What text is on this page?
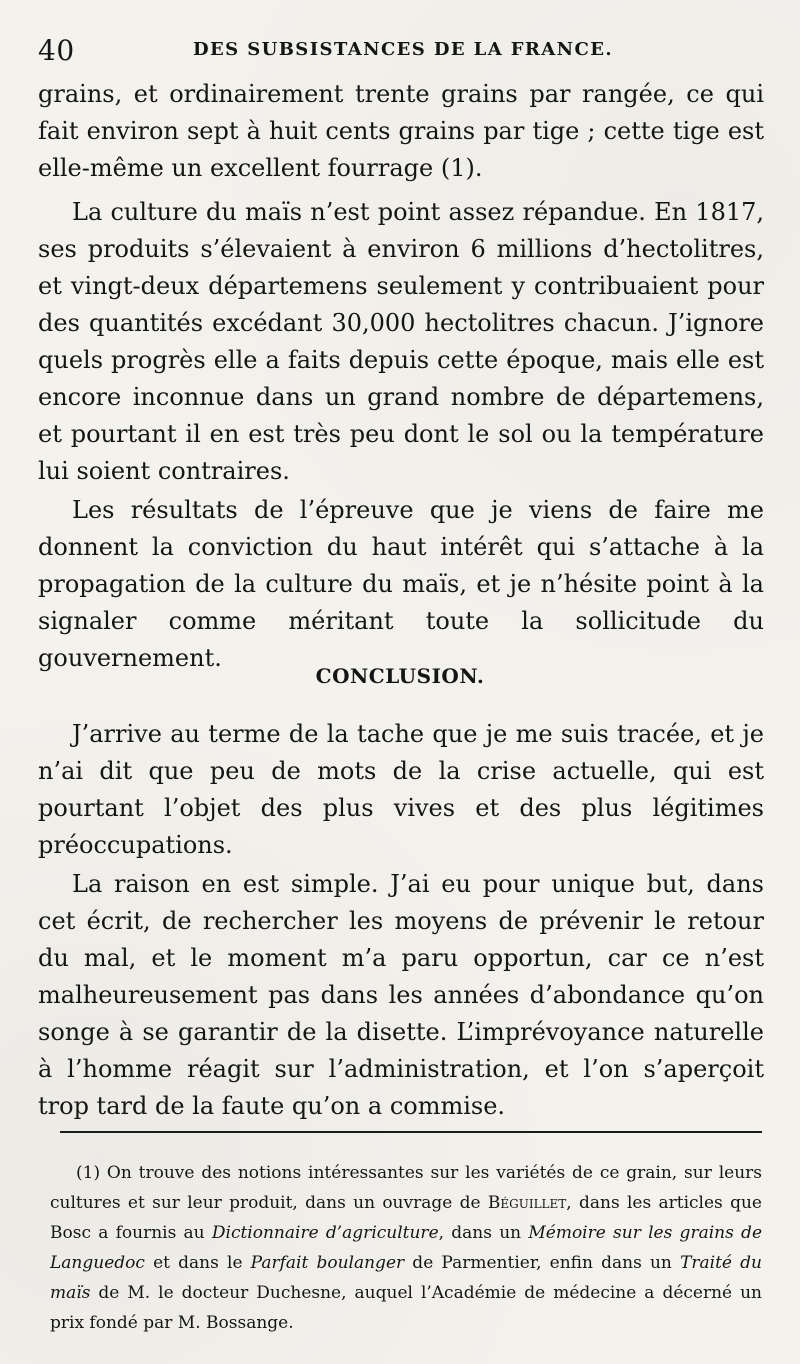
40	DES SUBSISTANCES DE LA FRANCE.

grains, et ordinairement trente grains par rangée, ce qui fait environ sept à huit cents grains par tige ; cette tige est elle-même un excellent fourrage (1).

La culture du maïs n’est point assez répandue. En 1817, ses produits s’élevaient à environ 6 millions d’hectolitres, et vingt-deux départemens seulement y contribuaient pour des quantités excédant 30,000 hectolitres chacun. J’ignore quels progrès elle a faits depuis cette époque, mais elle est encore inconnue dans un grand nombre de départemens, et pourtant il en est très peu dont le sol ou la température lui soient contraires.

Les résultats de l’épreuve que je viens de faire me donnent la conviction du haut intérêt qui s’attache à la propagation de la culture du maïs, et je n’hésite point à la signaler comme méritant toute la sollicitude du gouvernement.

CONCLUSION.

J’arrive au terme de la tache que je me suis tracée, et je n’ai dit que peu de mots de la crise actuelle, qui est pourtant l’objet des plus vives et des plus légitimes préoccupations.

La raison en est simple. J’ai eu pour unique but, dans cet écrit, de rechercher les moyens de prévenir le retour du mal, et le moment m’a paru opportun, car ce n’est malheureusement pas dans les années d’abondance qu’on songe à se garantir de la disette. L’imprévoyance naturelle à l’homme réagit sur l’administration, et l’on s’aperçoit trop tard de la faute qu’on a commise.

(1) On trouve des notions intéressantes sur les variétés de ce grain, sur leurs cultures et sur leur produit, dans un ouvrage de Béguillet, dans les articles que Bosc a fournis au Dictionnaire d’agriculture, dans un Mémoire sur les grains de Languedoc et dans le Parfait boulanger de Parmentier, enfin dans un Traité du maïs de M. le docteur Duchesne, auquel l’Académie de médecine a décerné un prix fondé par M. Bossange.
